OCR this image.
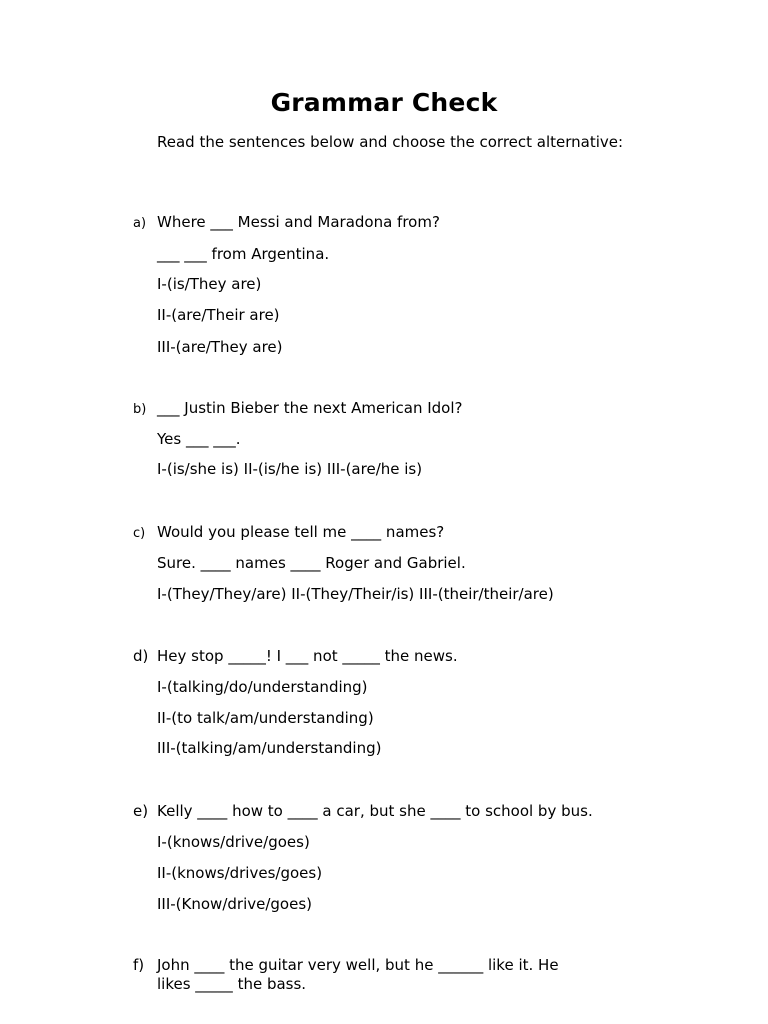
Grammar Check

Read the sentences below and choose the correct alternative:

a) Where ___ Messi and Maradona from?
___ ___ from Argentina.
I-(is/They are)
II-(are/Their are)
III-(are/They are)
b) ___ Justin Bieber the next American Idol?
Yes ___ ___.
I-(is/she is) II-(is/he is) III-(are/he is)
c) Would you please tell me ____ names?
Sure. ____ names ____ Roger and Gabriel.
I-(They/They/are) II-(They/Their/is) III-(their/their/are)
d) Hey stop _____! I ___ not _____ the news.
I-(talking/do/understanding)
II-(to talk/am/understanding)
III-(talking/am/understanding)
e) Kelly ____ how to ____ a car, but she ____ to school by bus.
I-(knows/drive/goes)
II-(knows/drives/goes)
III-(Know/drive/goes)
f) John ____ the guitar very well, but he ______ like it. He
likes _____ the bass.
